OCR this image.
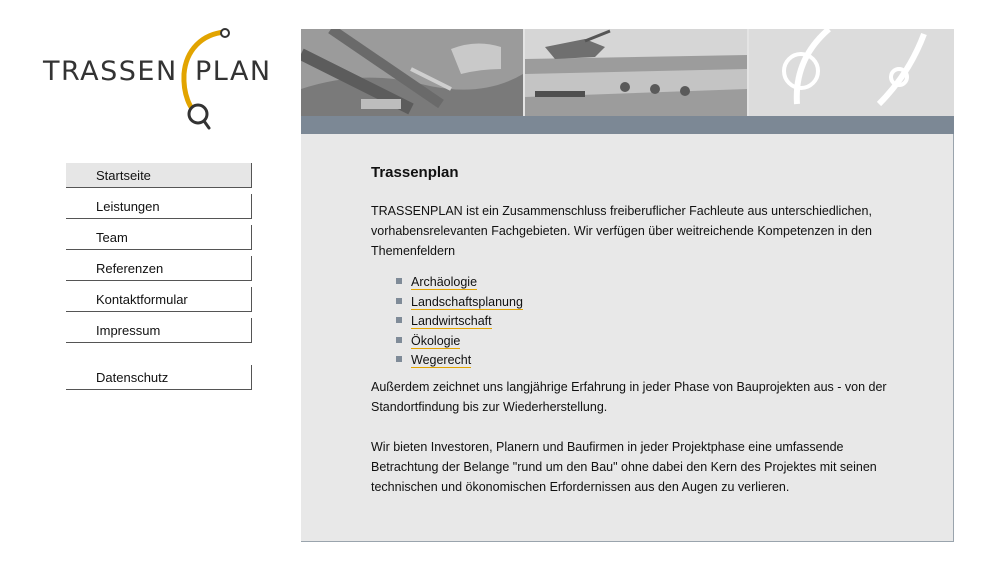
TRASSEN PLAN
Startseite
Leistungen
Team
Referenzen
Kontaktformular
Impressum
Datenschutz
Trassenplan

TRASSENPLAN ist ein Zusammenschluss freiberuflicher Fachleute aus unterschiedlichen, vorhabensrelevanten Fachgebieten. Wir verfügen über weitreichende Kompetenzen in den Themenfeldern

Archäologie
Landschaftsplanung
Landwirtschaft
Ökologie
Wegerecht

Außerdem zeichnet uns langjährige Erfahrung in jeder Phase von Bauprojekten aus - von der Standortfindung bis zur Wiederherstellung.

Wir bieten Investoren, Planern und Baufirmen in jeder Projektphase eine umfassende Betrachtung der Belange "rund um den Bau" ohne dabei den Kern des Projektes mit seinen technischen und ökonomischen Erfordernissen aus den Augen zu verlieren.
